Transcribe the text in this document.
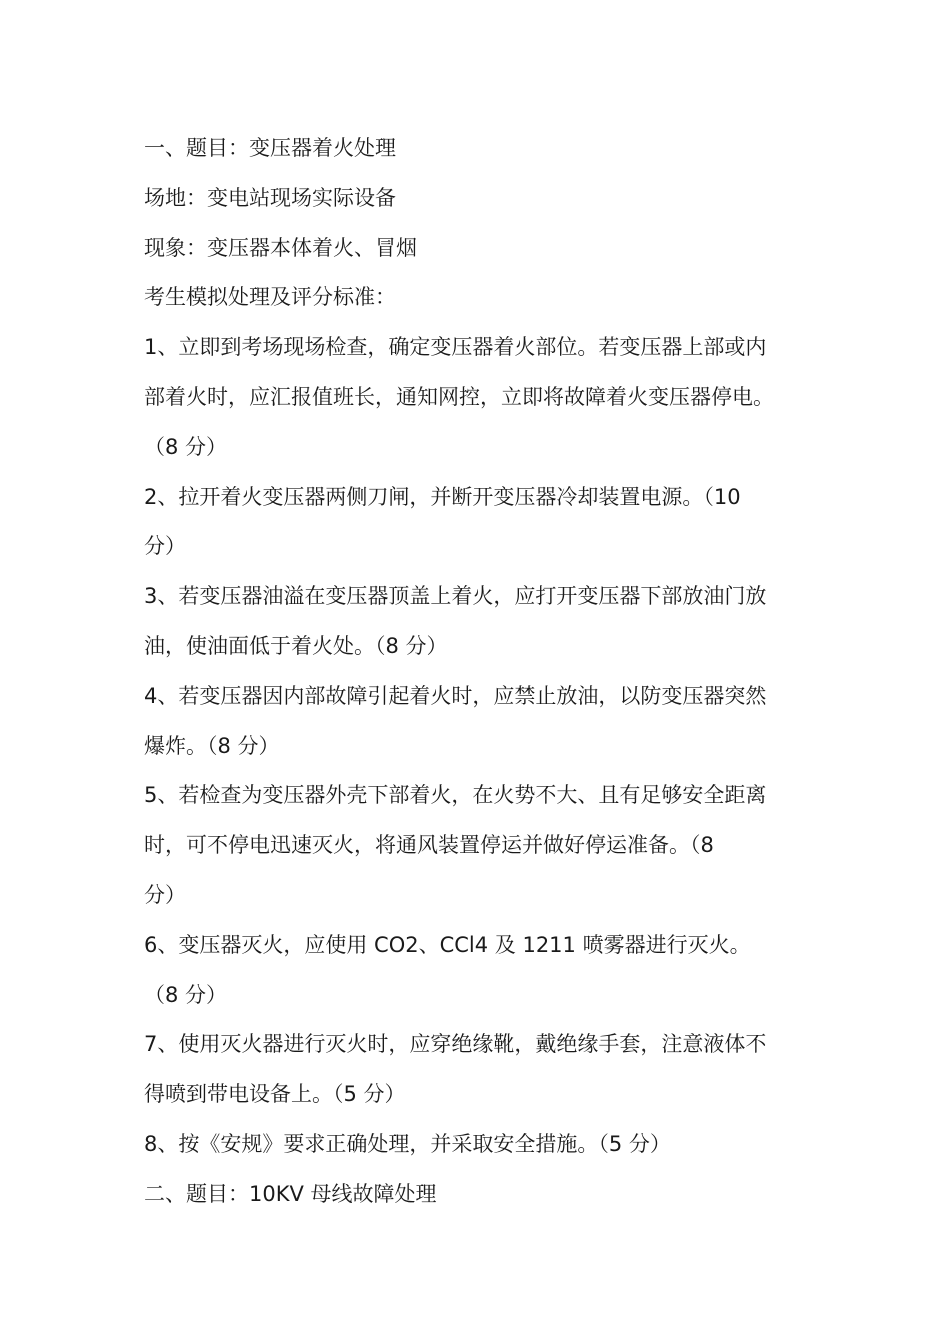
一、题目：变压器着火处理
场地：变电站现场实际设备
现象：变压器本体着火、冒烟
考生模拟处理及评分标准：
1、立即到考场现场检查，确定变压器着火部位。若变压器上部或内
部着火时，应汇报值班长，通知网控，立即将故障着火变压器停电。
（8 分）
2、拉开着火变压器两侧刀闸，并断开变压器冷却装置电源。（10
分）
3、若变压器油溢在变压器顶盖上着火，应打开变压器下部放油门放
油，使油面低于着火处。（8 分）
4、若变压器因内部故障引起着火时，应禁止放油，以防变压器突然
爆炸。（8 分）
5、若检查为变压器外壳下部着火，在火势不大、且有足够安全距离
时，可不停电迅速灭火，将通风装置停运并做好停运准备。（8
分）
6、变压器灭火，应使用 CO2、CCl4 及 1211 喷雾器进行灭火。
（8 分）
7、使用灭火器进行灭火时，应穿绝缘靴，戴绝缘手套，注意液体不
得喷到带电设备上。（5 分）
8、按《安规》要求正确处理，并采取安全措施。（5 分）
二、题目：10KV 母线故障处理
